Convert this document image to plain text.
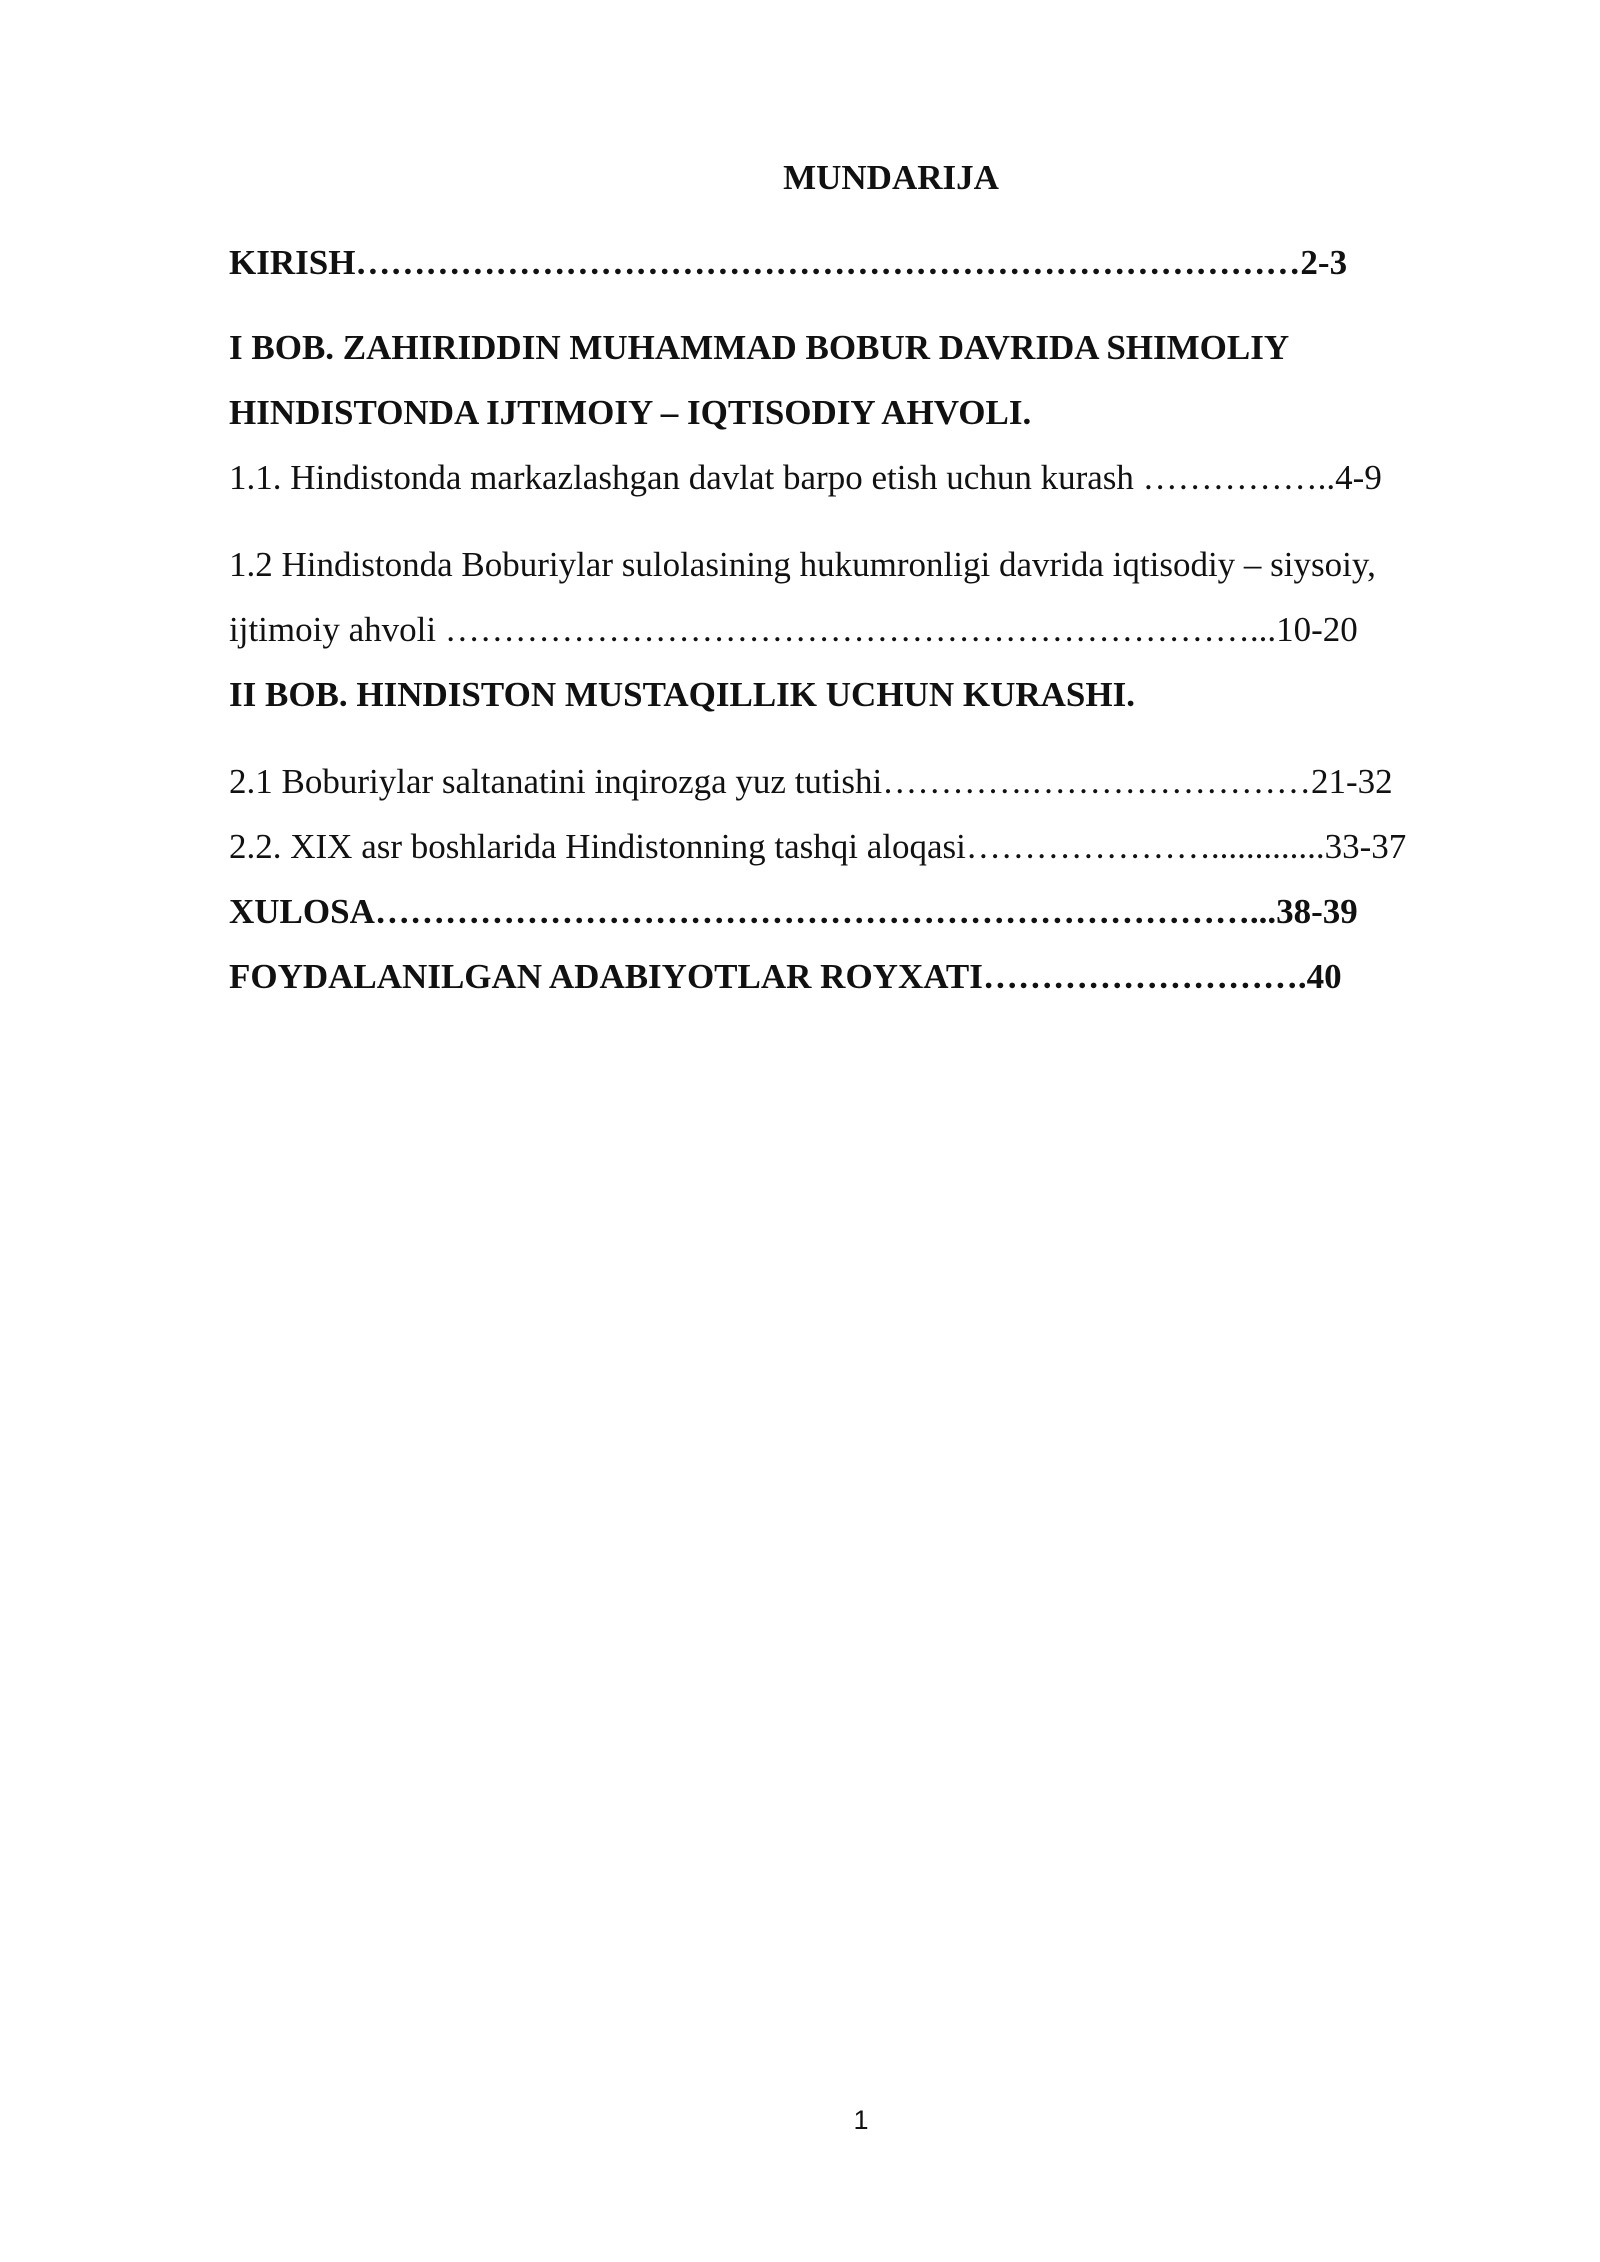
MUNDARIJA
KIRISH………………………………………………………………………2-3
I BOB. ZAHIRIDDIN MUHAMMAD BOBUR DAVRIDA SHIMOLIY
HINDISTONDA IJTIMOIY – IQTISODIY AHVOLI.
1.1. Hindistonda markazlashgan davlat barpo etish uchun kurash ……………..4-9
1.2 Hindistonda Boburiylar sulolasining hukumronligi davrida iqtisodiy – siysoiy,
ijtimoiy ahvoli ……………………………………………………………...10-20
II BOB. HINDISTON MUSTAQILLIK UCHUN KURASHI.
2.1 Boburiylar saltanatini inqirozga yuz tutishi………….……………………21-32
2.2. XIX asr boshlarida Hindistonning tashqi aloqasi………………….............33-37
XULOSA…………………………………………………………………...38-39
FOYDALANILGAN ADABIYOTLAR ROYXATI……………………….40
1
